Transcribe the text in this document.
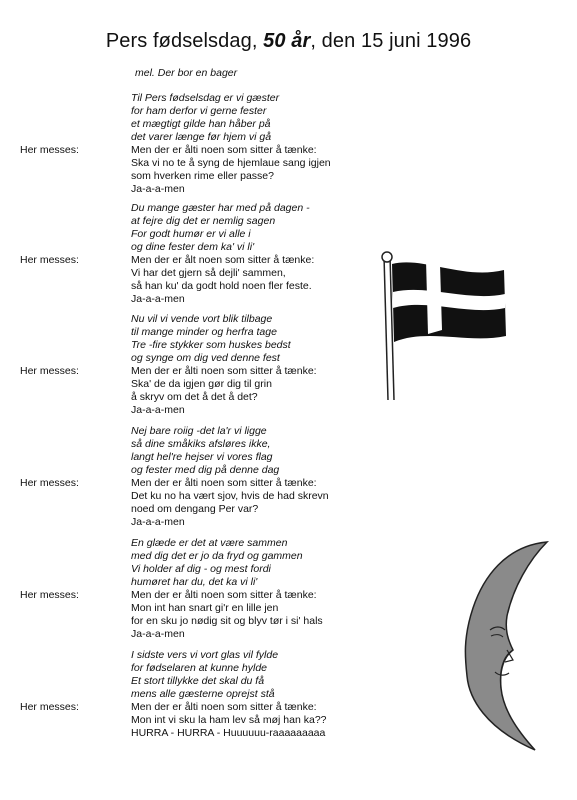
Pers fødselsdag, 50 år, den 15 juni 1996
mel. Der bor en bager
Til Pers fødselsdag er vi gæster
for ham derfor vi gerne fester
et mægtigt gilde han håber på
det varer længe før hjem vi gå
Her messes:	Men der er ålti noen som sitter å tænke:
Ska vi no te å syng de hjemlaue sang igjen
som hverken rime eller passe?
Ja-a-a-men
Du mange gæster har med på dagen -
at fejre dig det er nemlig sagen
For godt humør er vi alle i
og dine fester dem ka' vi li'
Her messes:	Men der er ålt noen som sitter å tænke:
Vi har det gjern så dejli' sammen,
så han ku' da godt hold noen fler feste.
Ja-a-a-men
Nu vil vi vende vort blik tilbage
til mange minder og herfra tage
Tre -fire stykker som huskes bedst
og synge om dig ved denne fest
Her messes:	Men der er ålti noen som sitter å tænke:
Ska' de da igjen gør dig til grin
å skryv om det å det å det?
Ja-a-a-men
Nej bare roiig -det la'r vi ligge
så dine småkiks afsløres ikke,
langt hel're hejser vi vores flag
og fester med dig på denne dag
Her messes:	Men der er ålti noen som sitter å tænke:
Det ku no ha vært sjov, hvis de had skrevn
noed om dengang Per var?
Ja-a-a-men
En glæde er det at være sammen
med dig det er jo da fryd og gammen
Vi holder af dig - og mest fordi
humøret har du, det ka vi li'
Her messes:	Men der er ålti noen som sitter å tænke:
Mon int han snart gi'r en lille jen
for en sku jo nødig sit og blyv tør i si' hals
Ja-a-a-men
I sidste vers vi vort glas vil fylde
for fødselaren at kunne hylde
Et stort tillykke det skal du få
mens alle gæsterne oprejst stå
Her messes:	Men der er ålti noen som sitter å tænke:
Mon int vi sku la ham lev så møj han ka??
HURRA - HURRA - Huuuuuu-raaaaaaaaa
